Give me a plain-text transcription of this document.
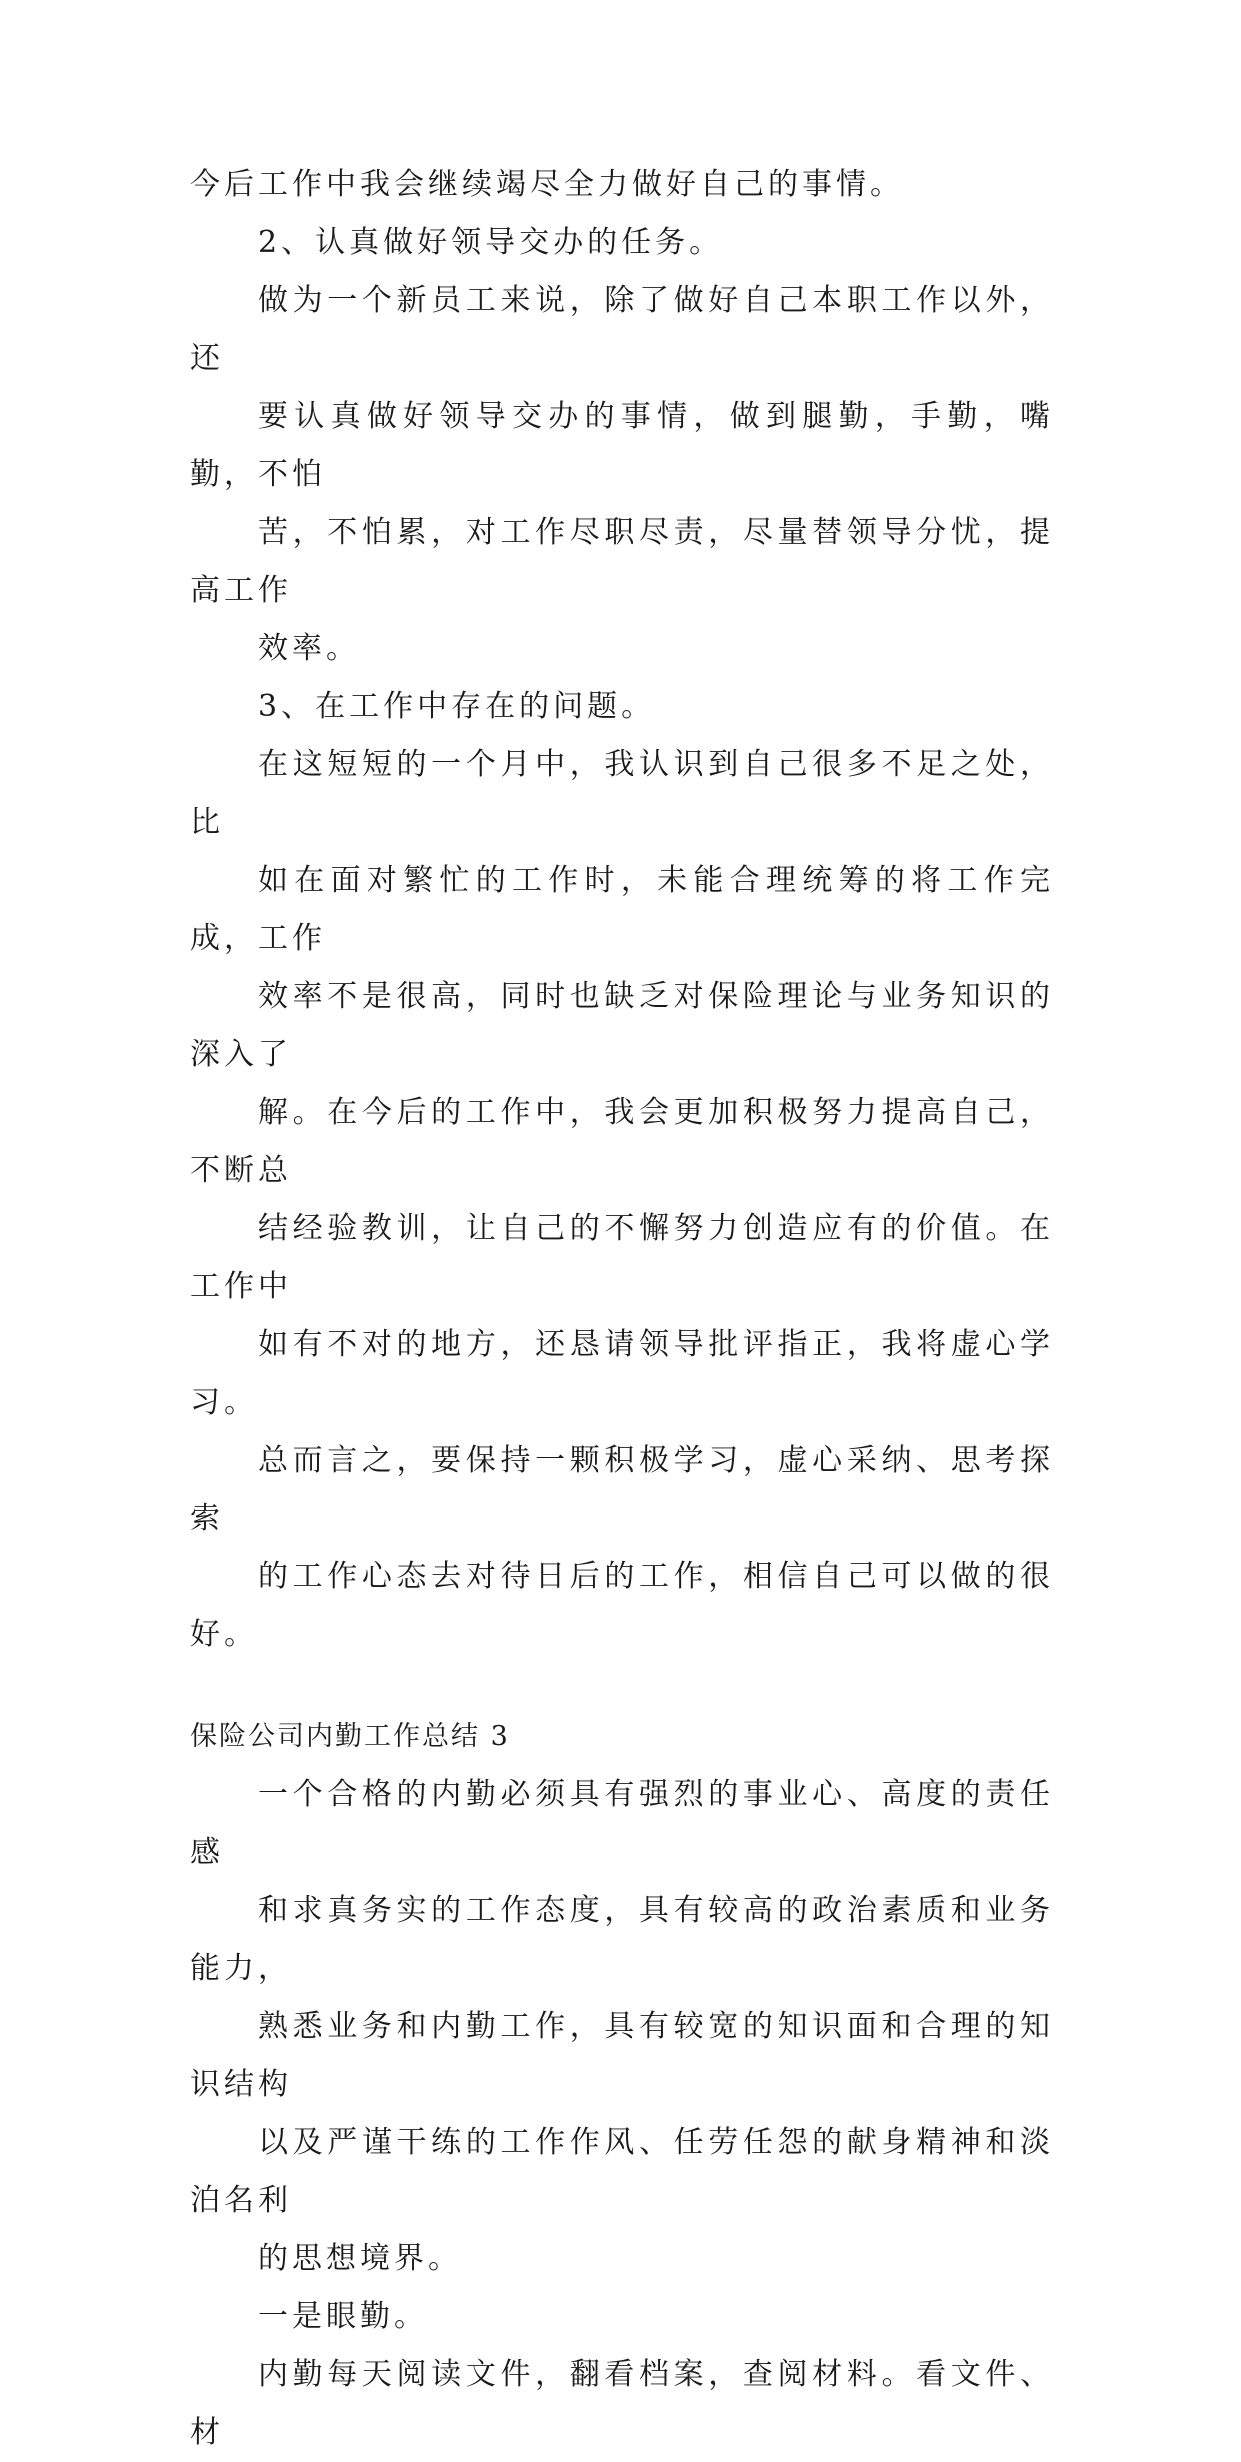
今后工作中我会继续竭尽全力做好自己的事情。

2、认真做好领导交办的任务。

做为一个新员工来说，除了做好自己本职工作以外，还
要认真做好领导交办的事情，做到腿勤，手勤，嘴勤，不怕
苦，不怕累，对工作尽职尽责，尽量替领导分忧，提高工作
效率。

3、在工作中存在的问题。

在这短短的一个月中，我认识到自己很多不足之处，比
如在面对繁忙的工作时，未能合理统筹的将工作完成，工作
效率不是很高，同时也缺乏对保险理论与业务知识的深入了
解。在今后的工作中，我会更加积极努力提高自己，不断总
结经验教训，让自己的不懈努力创造应有的价值。在工作中
如有不对的地方，还恳请领导批评指正，我将虚心学习。

总而言之，要保持一颗积极学习，虚心采纳、思考探索
的工作心态去对待日后的工作，相信自己可以做的很好。

保险公司内勤工作总结 3

一个合格的内勤必须具有强烈的事业心、高度的责任感
和求真务实的工作态度，具有较高的政治素质和业务能力，
熟悉业务和内勤工作，具有较宽的知识面和合理的知识结构
以及严谨干练的工作作风、任劳任怨的献身精神和淡泊名利
的思想境界。

一是眼勤。

内勤每天阅读文件，翻看档案，查阅材料。看文件、材
